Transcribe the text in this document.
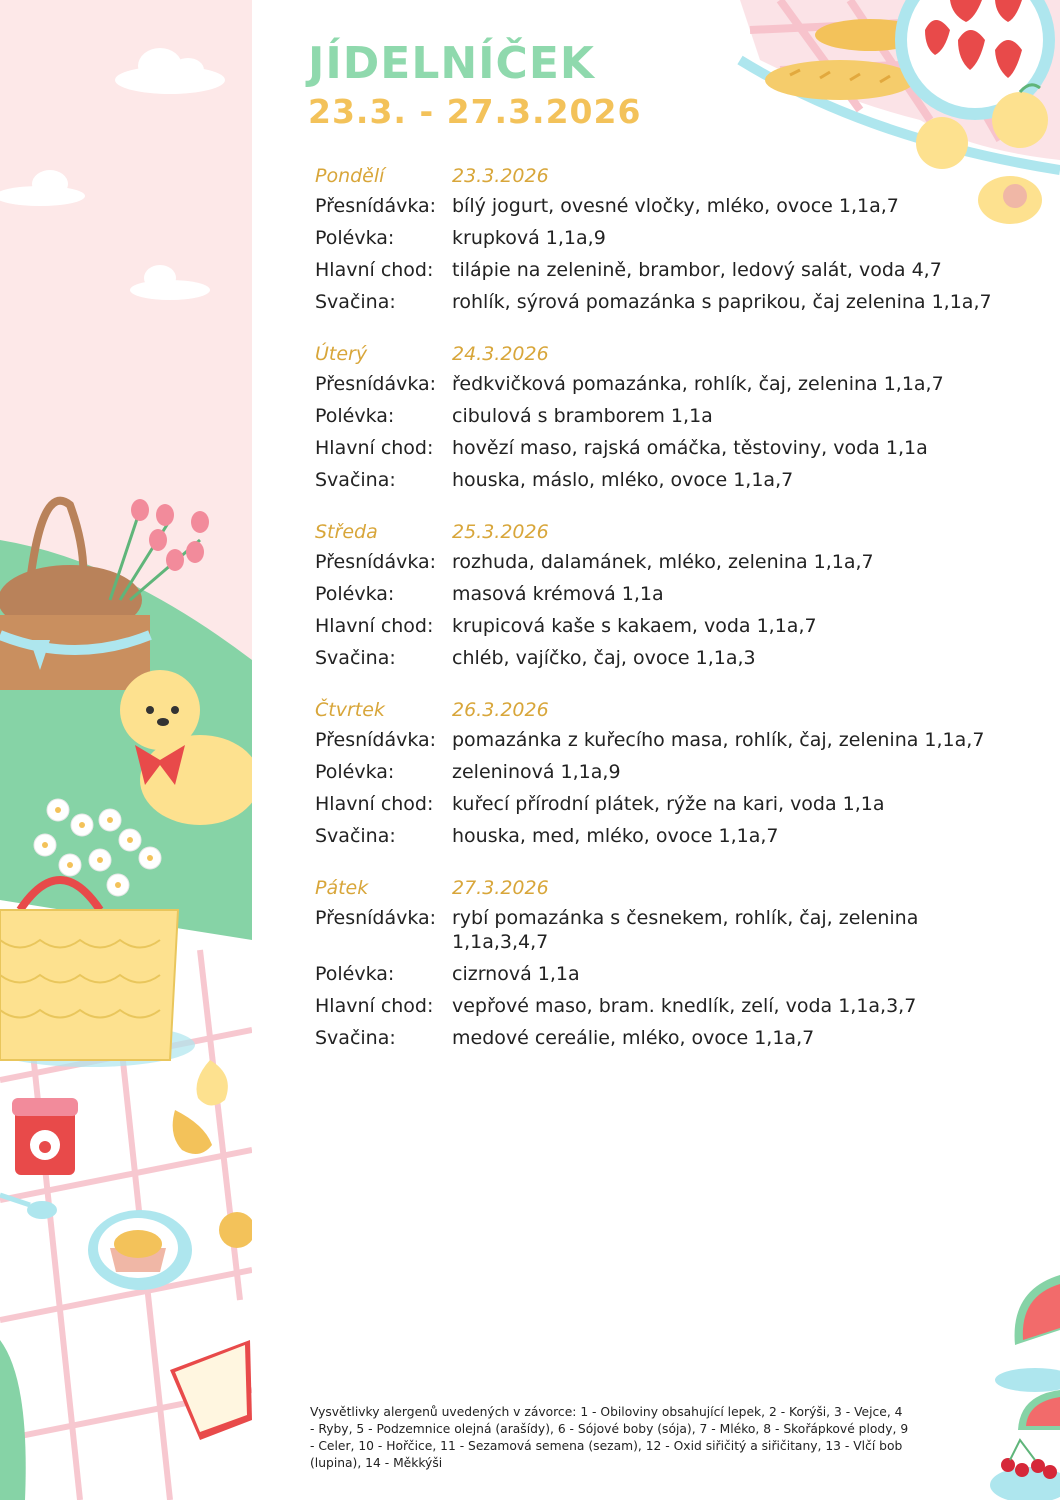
JÍDELNÍČEK
23.3. - 27.3.2026
Pondělí	23.3.2026
Přesnídávka: bílý jogurt, ovesné vločky, mléko, ovoce 1,1a,7
Polévka:	krupková 1,1a,9
Hlavní chod: tilápie na zelenině, brambor, ledový salát, voda 4,7
Svačina:	rohlík, sýrová pomazánka s paprikou, čaj zelenina 1,1a,7
Úterý	24.3.2026
Přesnídávka: ředkvičková pomazánka, rohlík, čaj, zelenina 1,1a,7
Polévka:	cibulová s bramborem 1,1a
Hlavní chod: hovězí maso, rajská omáčka, těstoviny, voda 1,1a
Svačina:	houska, máslo, mléko, ovoce 1,1a,7
Středa	25.3.2026
Přesnídávka: rozhuda, dalamánek, mléko, zelenina 1,1a,7
Polévka:	masová krémová 1,1a
Hlavní chod: krupicová kaše s kakaem, voda 1,1a,7
Svačina:	chléb, vajíčko, čaj, ovoce 1,1a,3
Čtvrtek	26.3.2026
Přesnídávka: pomazánka z kuřecího masa, rohlík, čaj, zelenina 1,1a,7
Polévka:	zeleninová 1,1a,9
Hlavní chod: kuřecí přírodní plátek, rýže na kari, voda 1,1a
Svačina:	houska, med, mléko, ovoce 1,1a,7
Pátek	27.3.2026
Přesnídávka: rybí pomazánka s česnekem, rohlík, čaj, zelenina 1,1a,3,4,7
Polévka:	cizrnová 1,1a
Hlavní chod: vepřové maso, bram. knedlík, zelí, voda 1,1a,3,7
Svačina:	medové cereálie, mléko, ovoce 1,1a,7
Vysvětlivky alergenů uvedených v závorce: 1 - Obiloviny obsahující lepek, 2 - Korýši, 3 - Vejce, 4 - Ryby, 5 - Podzemnice olejná (arašídy), 6 - Sójové boby (sója), 7 - Mléko, 8 - Skořápkové plody, 9 - Celer, 10 - Hořčice, 11 - Sezamová semena (sezam), 12 - Oxid siřičitý a siřičitany, 13 - Vlčí bob (lupina), 14 - Měkkýši
